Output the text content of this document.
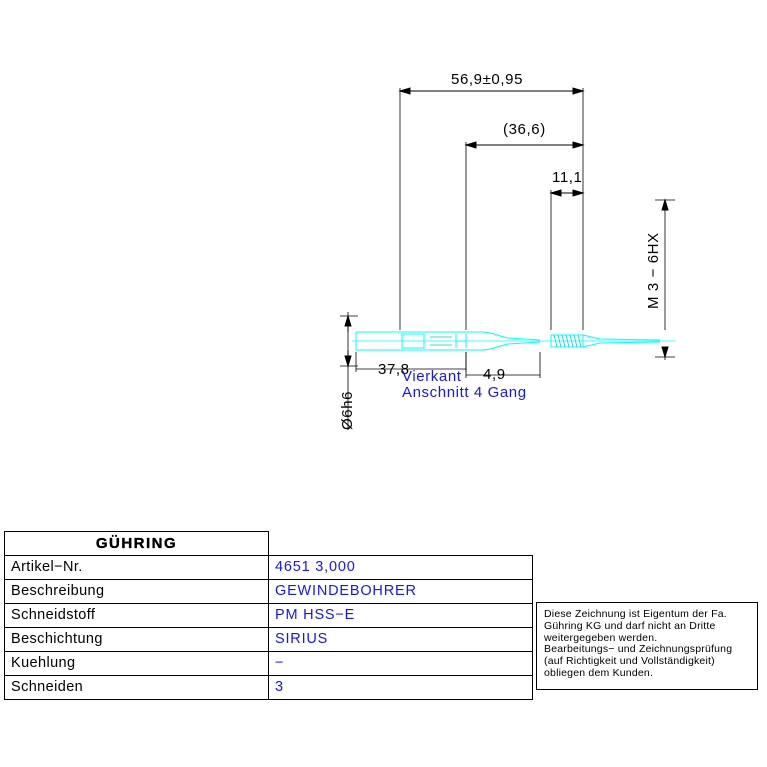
56,9±0,95
(36,6)
11,1
M 3 − 6HX
Ø6h6
37,8	4,9
Vierkant
Anschnitt 4 Gang
GÜHRING	
Artikel−Nr.	4651 3,000
Beschreibung	GEWINDEBOHRER
Schneidstoff	PM HSS−E
Beschichtung	SIRIUS
Kuehlung	−
Schneiden	3

Diese Zeichnung ist Eigentum der Fa.

Gühring KG und darf nicht an Dritte

weitergegeben werden.

Bearbeitungs− und Zeichnungsprüfung

(auf Richtigkeit und Vollständigkeit)

obliegen dem Kunden.
